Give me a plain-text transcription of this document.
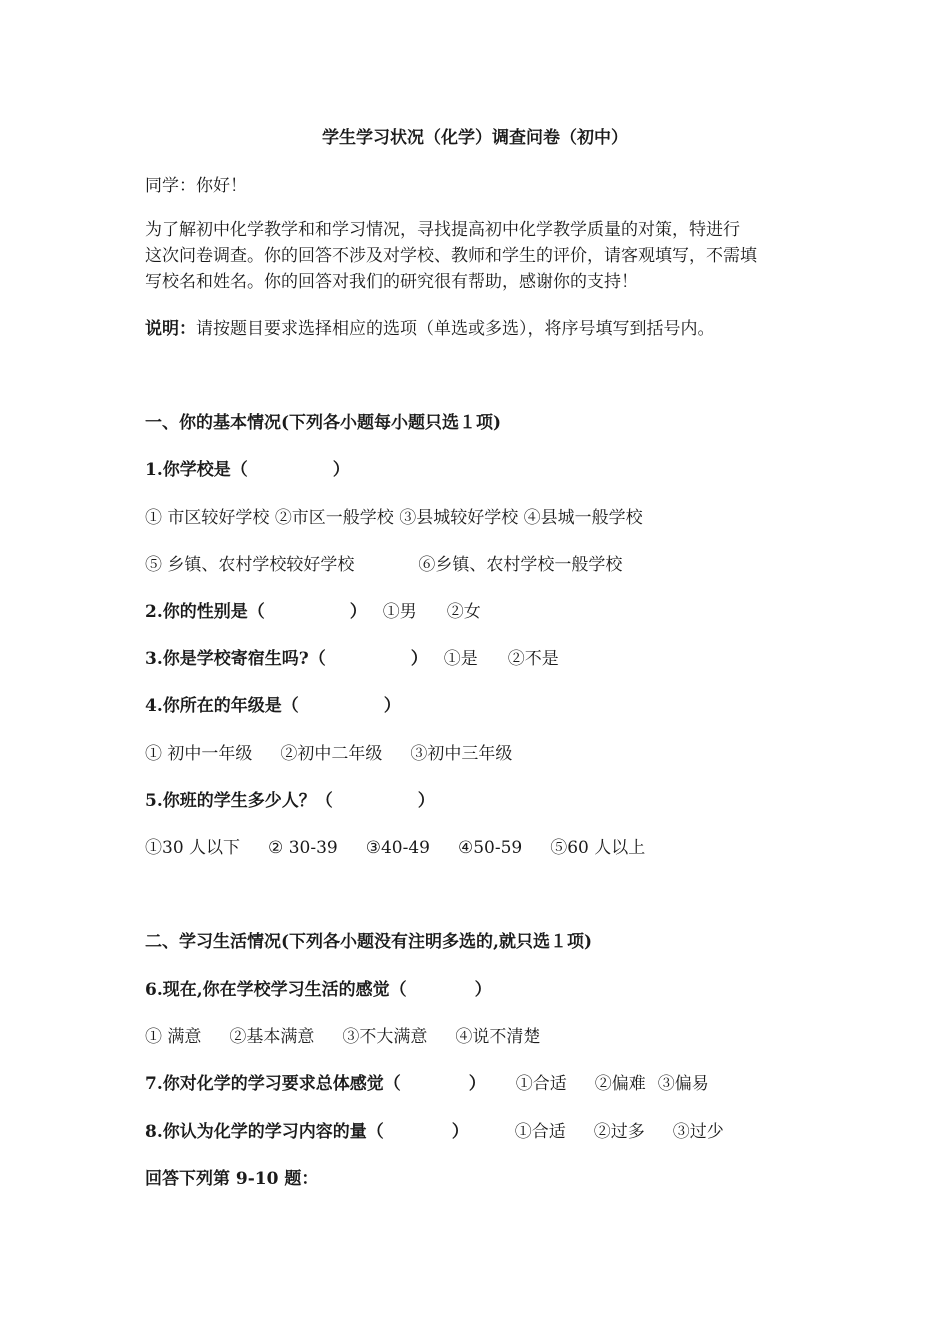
学生学习状况（化学）调查问卷（初中）
同学：你好！
为了解初中化学教学和和学习情况，寻找提高初中化学教学质量的对策，特进行
这次问卷调查。你的回答不涉及对学校、教师和学生的评价，请客观填写，不需填
写校名和姓名。你的回答对我们的研究很有帮助，感谢你的支持！
说明：请按题目要求选择相应的选项（单选或多选），将序号填写到括号内。
一、你的基本情况(下列各小题每小题只选１项)
1.你学校是（　　　　　）
① 市区较好学校 ②市区一般学校 ③县城较好学校 ④县城一般学校
⑤ 乡镇、农村学校较好学校	⑥乡镇、农村学校一般学校
2.你的性别是（　　　　　） ①男 ②女
3.你是学校寄宿生吗?（　　　　　） ①是 ②不是
4.你所在的年级是（　　　　　）
① 初中一年级 ②初中二年级 ③初中三年级
5.你班的学生多少人？（　　　　　）
①30 人以下 ② 30-39 ③40-49 ④50-59 ⑤60 人以上
二、学习生活情况(下列各小题没有注明多选的,就只选１项)
6.现在,你在学校学习生活的感觉（　　　　）
① 满意 ②基本满意 ③不大满意 ④说不清楚
7.你对化学的学习要求总体感觉（　　　　） ①合适 ②偏难 ③偏易
8.你认为化学的学习内容的量（　　　　）	①合适 ②过多 ③过少
回答下列第 9-10 题：
